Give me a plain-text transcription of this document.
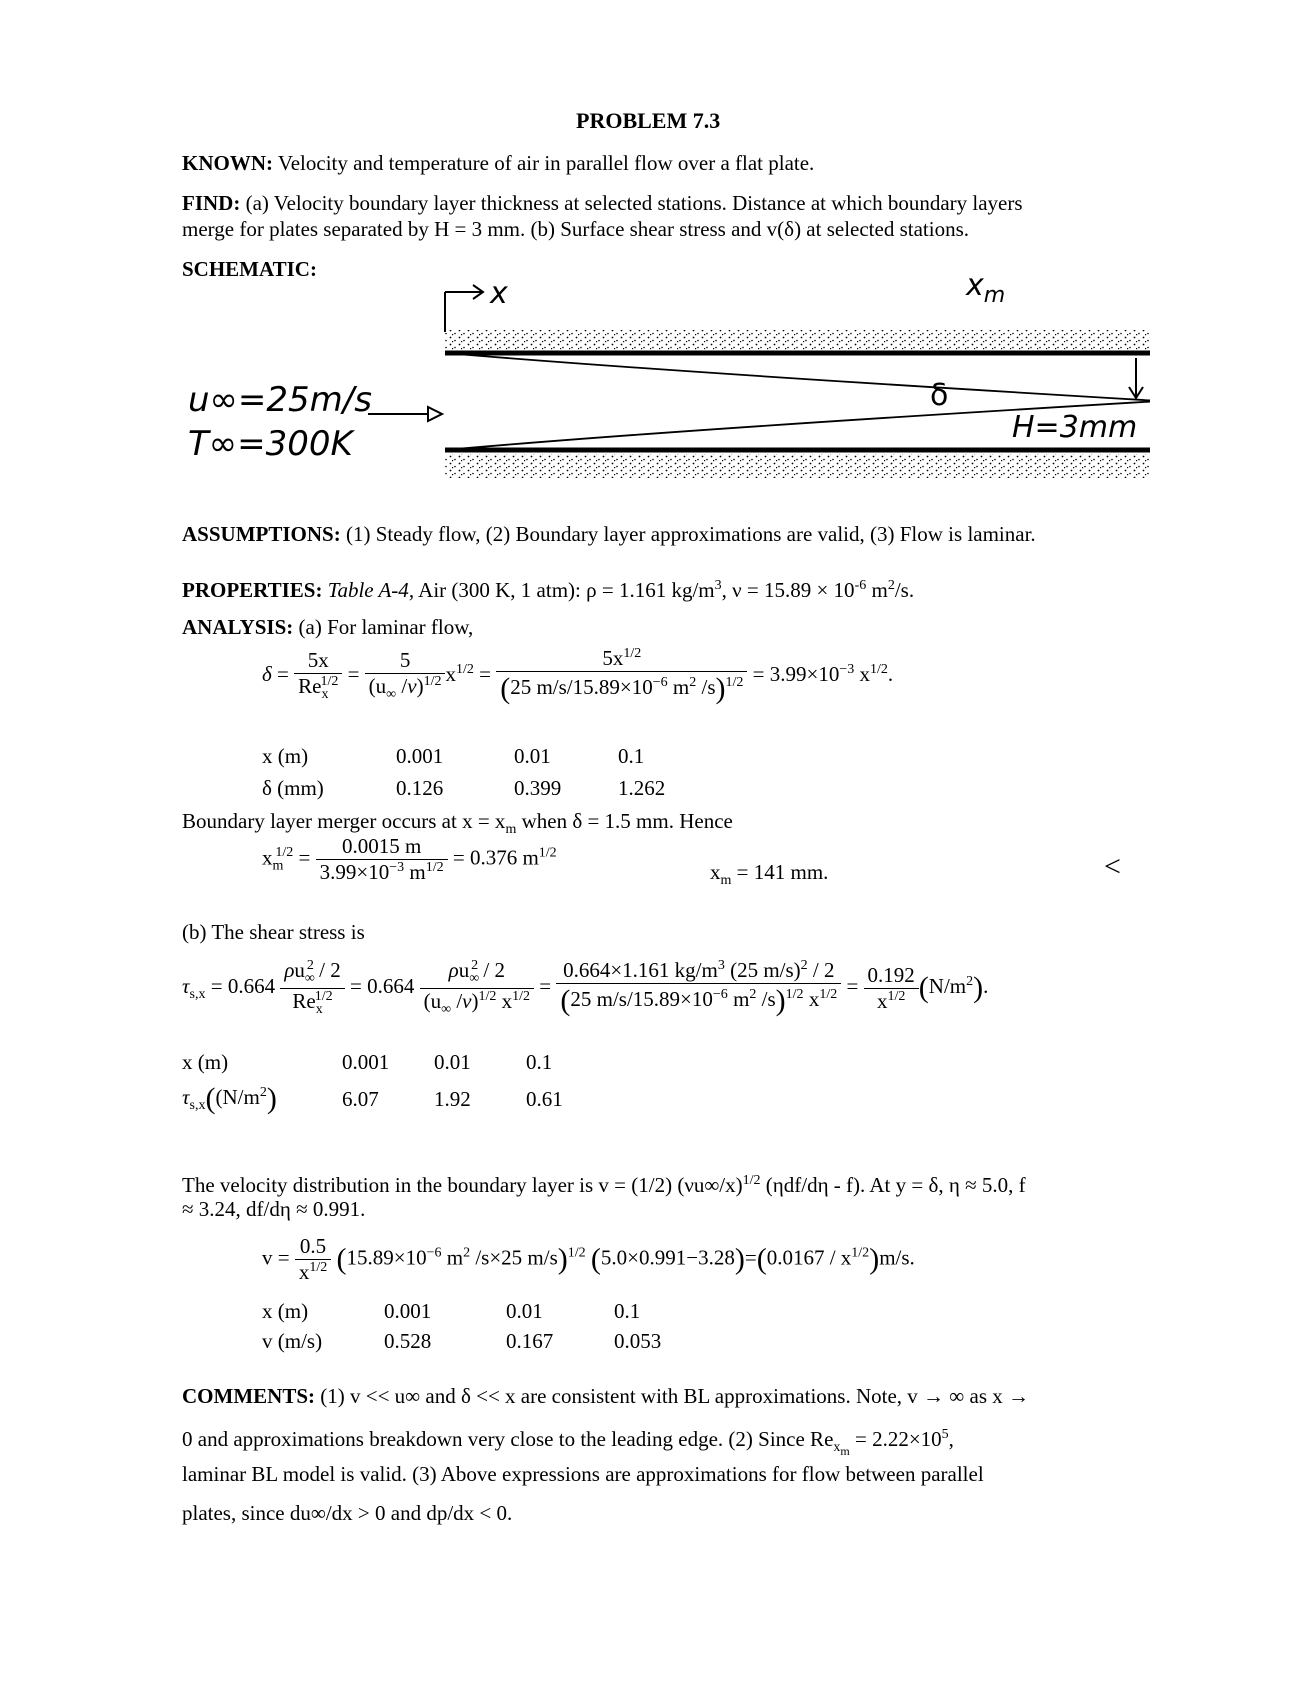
PROBLEM 7.3
KNOWN: Velocity and temperature of air in parallel flow over a flat plate.
FIND: (a) Velocity boundary layer thickness at selected stations. Distance at which boundary layers
merge for plates separated by H = 3 mm. (b) Surface shear stress and v(δ) at selected stations.
SCHEMATIC:
x	$x_m$
δ
u∞=25m/s
T∞=300K	H=3mm
ASSUMPTIONS: (1) Steady flow, (2) Boundary layer approximations are valid, (3) Flow is laminar.
PROPERTIES: Table A-4, Air (300 K, 1 atm): ρ = 1.161 $kg/m^3$, $\nu = 15.89 \times 10^{-6}$ $m^2/s$.
ANALYSIS: (a) For laminar flow,
$\delta = \frac{5x}{Re_x^{1/2}} = \frac{5}{(u_\infty /\nu)^{1/2}} x^{1/2} = \frac{5x^{1/2}}{(25 m/s/15.89\times 10^{-6} m^2 /s)^{1/2}} = 3.99\times 10^{-3}$ $x^{1/2}$.
x (m)	0.001	0.01	0.1
δ (mm)	0.126	0.399	1.262
Boundary layer merger occurs at $x = x_m$ when δ = 1.5 mm. Hence
$x_m^{1/2} = \frac{0.0015 m}{3.99\times 10^{-3} m^{1/2}} = 0.376$ $m^{1/2}$
$x_m = 141$ mm.	<
(b) The shear stress is
$\tau_{s,x} = 0.664 \frac{\rho u_\infty^2 / 2}{Re_x^{1/2}} = 0.664 \frac{\rho u_\infty^2 / 2}{(u_\infty /\nu)^{1/2} x^{1/2}} = \frac{0.664\times 1.161 kg/m^3 (25 m/s)^2 / 2}{(25 m/s/15.89\times 10^{-6} m^2 /s)^{1/2} x^{1/2}} = \frac{0.192}{x^{1/2}} (N/m^2)$.
x (m)	0.001	0.01	0.1
$\tau_{s,x}((N/m^2)$	6.07	1.92	0.61
The velocity distribution in the boundary layer is v = (1/2) $(\nu u\infty/x)^{1/2}$ (ηdf/dη - f). At y = δ, η ≈ 5.0, f
≈ 3.24, df/dη ≈ 0.991.
$v = \frac{0.5}{x^{1/2}} (15.89\times 10^{-6}$ $m^2$ /s×25 m/s)$^{1/2}$ $(5.0\times 0.991-3.28)=(0.0167 / x^{1/2})m/s$.
x (m)	0.001	0.01	0.1
v (m/s)	0.528	0.167	0.053
COMMENTS: (1) v << u∞ and δ << x are consistent with BL approximations. Note, v → ∞ as x →
0 and approximations breakdown very close to the leading edge. (2) Since $Re_{x_m} = 2.22\times 10^5$,
laminar BL model is valid. (3) Above expressions are approximations for flow between parallel
plates, since du∞/dx > 0 and dp/dx < 0.
